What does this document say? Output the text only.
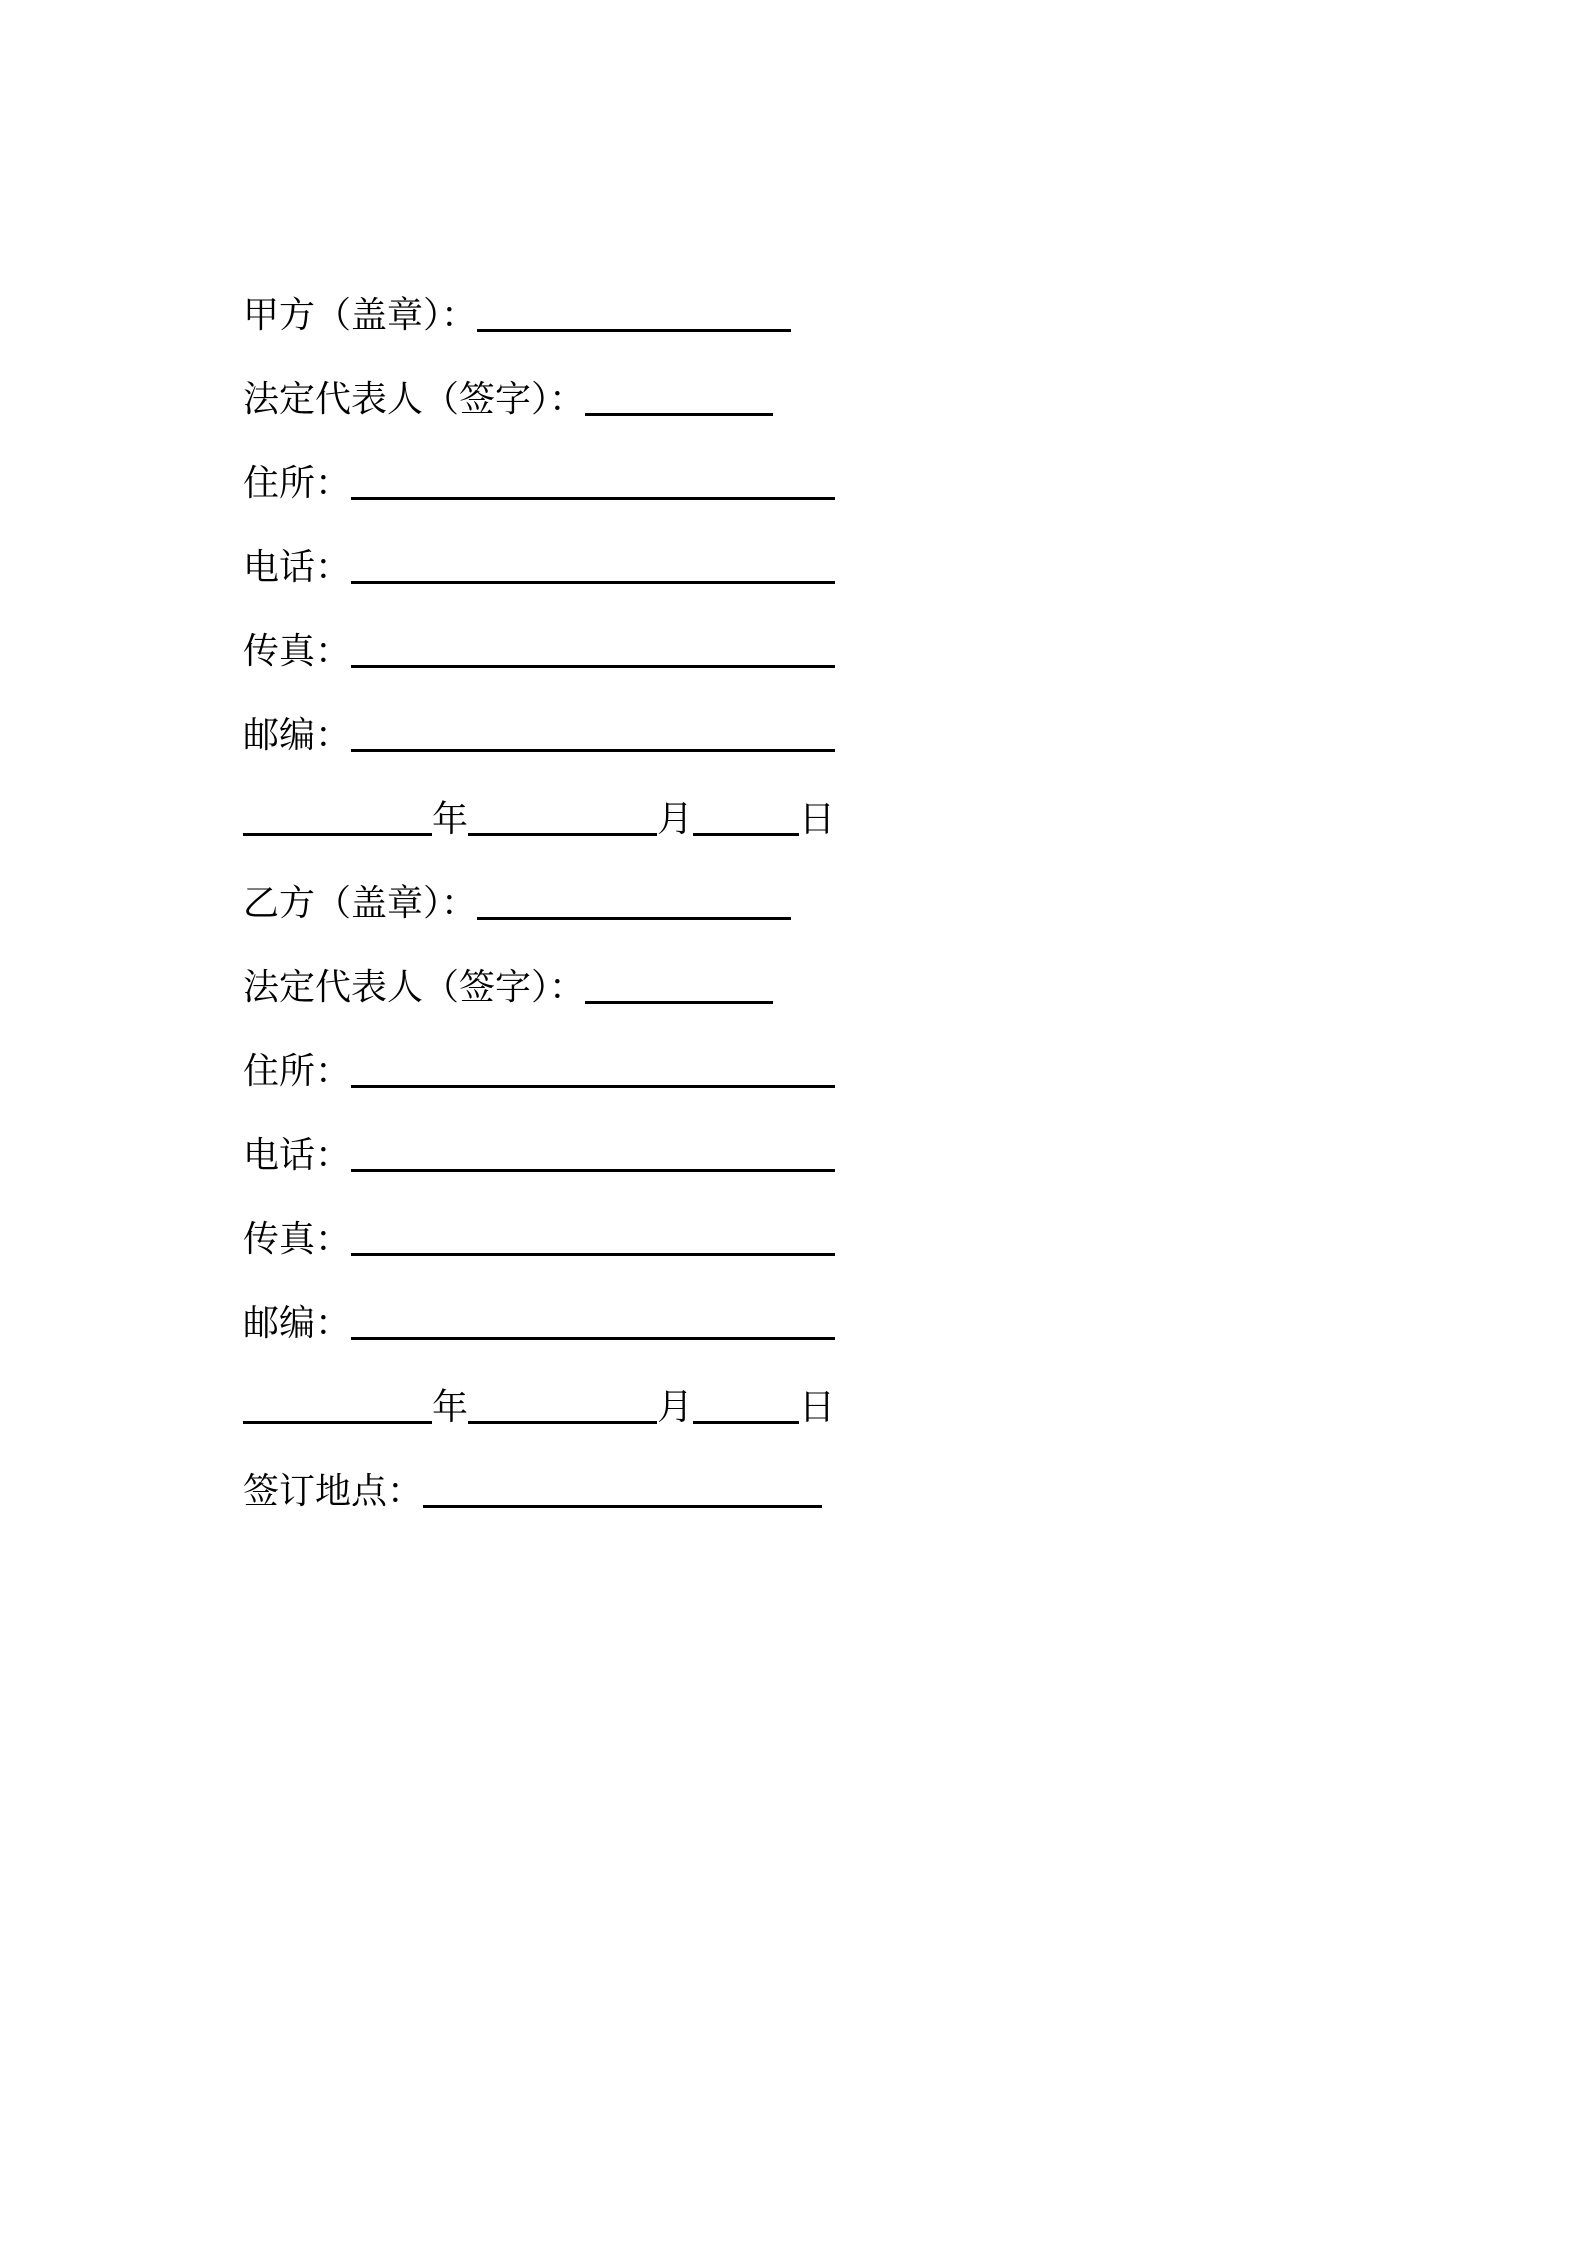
甲方（盖章）：
法定代表人（签字）：
住所：
电话：
传真：
邮编：
年	月	日
乙方（盖章）：
法定代表人（签字）：
住所：
电话：
传真：
邮编：
年	月	日
签订地点：
